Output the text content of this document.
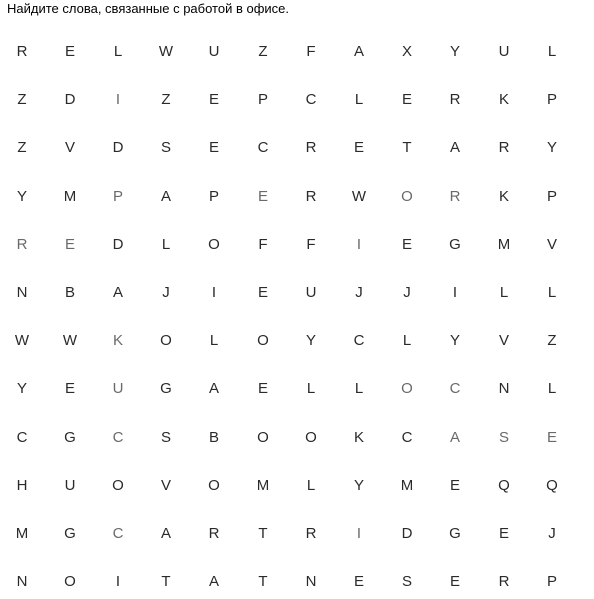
Найдите слова, связанные с работой в офисе.
R	E	L	W	U	Z	F	A	X	Y	U	L
Z	D	I	Z	E	P	C	L	E	R	K	P
Z	V	D	S	E	C	R	E	T	A	R	Y
Y	M	P	A	P	E	R	W	O	R	K	P
R	E	D	L	O	F	F	I	E	G	M	V
N	B	A	J	I	E	U	J	J	I	L	L
W	W	K	O	L	O	Y	C	L	Y	V	Z
Y	E	U	G	A	E	L	L	O	C	N	L
C	G	C	S	B	O	O	K	C	A	S	E
H	U	O	V	O	M	L	Y	M	E	Q	Q
M	G	C	A	R	T	R	I	D	G	E	J
N	O	I	T	A	T	N	E	S	E	R	P
